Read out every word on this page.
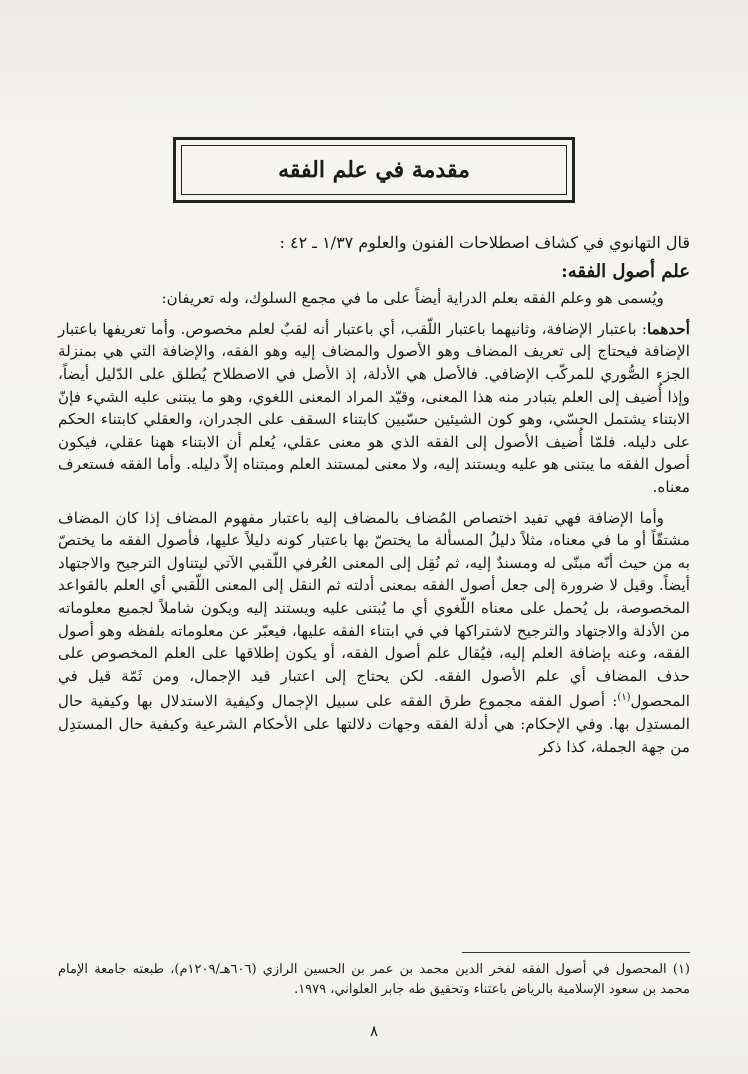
مقدمة في علم الفقه

قال التهانوي في كشاف اصطلاحات الفنون والعلوم ١/٣٧ ـ ٤٢ :

علم أصول الفقه:

ويُسمى هو وعلم الفقه بعلم الدراية أيضاً على ما في مجمع السلوك، وله تعريفان:

أحدهما: باعتبار الإضافة، وثانيهما باعتبار اللّقب، أي باعتبار أنه لقبٌ لعلم مخصوص. وأما تعريفها باعتبار الإضافة فيحتاج إلى تعريف المضاف وهو الأصول والمضاف إليه وهو الفقه، والإضافة التي هي بمنزلة الجزء الصُّوري للمركّب الإضافي. فالأصل هي الأدلة، إذ الأصل في الاصطلاح يُطلق على الدّليل أيضاً، وإذا أُضيف إلى العلم يتبادر منه هذا المعنى، وقيّد المراد المعنى اللغوي، وهو ما يبتنى عليه الشيء فإنّ الابتناء يشتمل الحسّي، وهو كون الشيئين حسّيين كابتناء السقف على الجدران، والعقلي كابتناء الحكم على دليله. فلمّا أُضيف الأصول إلى الفقه الذي هو معنى عقلي، يُعلم أن الابتناء ههنا عقلي، فيكون أصول الفقه ما يبتنى هو عليه ويستند إليه، ولا معنى لمستند العلم ومبتناه إلاّ دليله. وأما الفقه فستعرف معناه.

وأما الإضافة فهي تفيد اختصاص المُضاف بالمضاف إليه باعتبار مفهوم المضاف إذا كان المضاف مشتقّاً أو ما في معناه، مثلاً دليلُ المسألة ما يختصّ بها باعتبار كونه دليلاً عليها، فأصول الفقه ما يختصّ به من حيث أنّه مبنّى له ومسندٌ إليه، ثم نُقِل إلى المعنى العُرفي اللّقبي الآتي ليتناول الترجيح والاجتهاد أيضاً. وقيل لا ضرورة إلى جعل أصول الفقه بمعنى أدلته ثم النقل إلى المعنى اللّقبي أي العلم بالقواعد المخصوصة، بل يُحمل على معناه اللّغوي أي ما يُبتنى عليه ويستند إليه ويكون شاملاً لجميع معلوماته من الأدلة والاجتهاد والترجيح لاشتراكها في في ابتناء الفقه عليها، فيعبّر عن معلوماته بلفظه وهو أصول الفقه، وعنه بإضافة العلم إليه، فيُقال علم أصول الفقه، أو يكون إطلاقها على العلم المخصوص على حذف المضاف أي علم الأصول الفقه. لكن يحتاج إلى اعتبار قيد الإجمال، ومن ثَمّة قيل في المحصول$^{(١)}$: أصول الفقه مجموع طرق الفقه على سبيل الإجمال وكيفية الاستدلال بها وكيفية حال المستدِل بها. وفي الإحكام: هي أدلة الفقه وجهات دلالتها على الأحكام الشرعية وكيفية حال المستدِل من جهة الجملة، كذا ذكر

(١) المحصول في أصول الفقه لفخر الدين محمد بن عمر بن الحسين الرازي (٦٠٦هـ/١٢٠٩م)، طبعته جامعة الإمام محمد بن سعود الإسلامية بالرياض باعتناء وتحقيق طه جابر العلواني، ١٩٧٩.
٨
